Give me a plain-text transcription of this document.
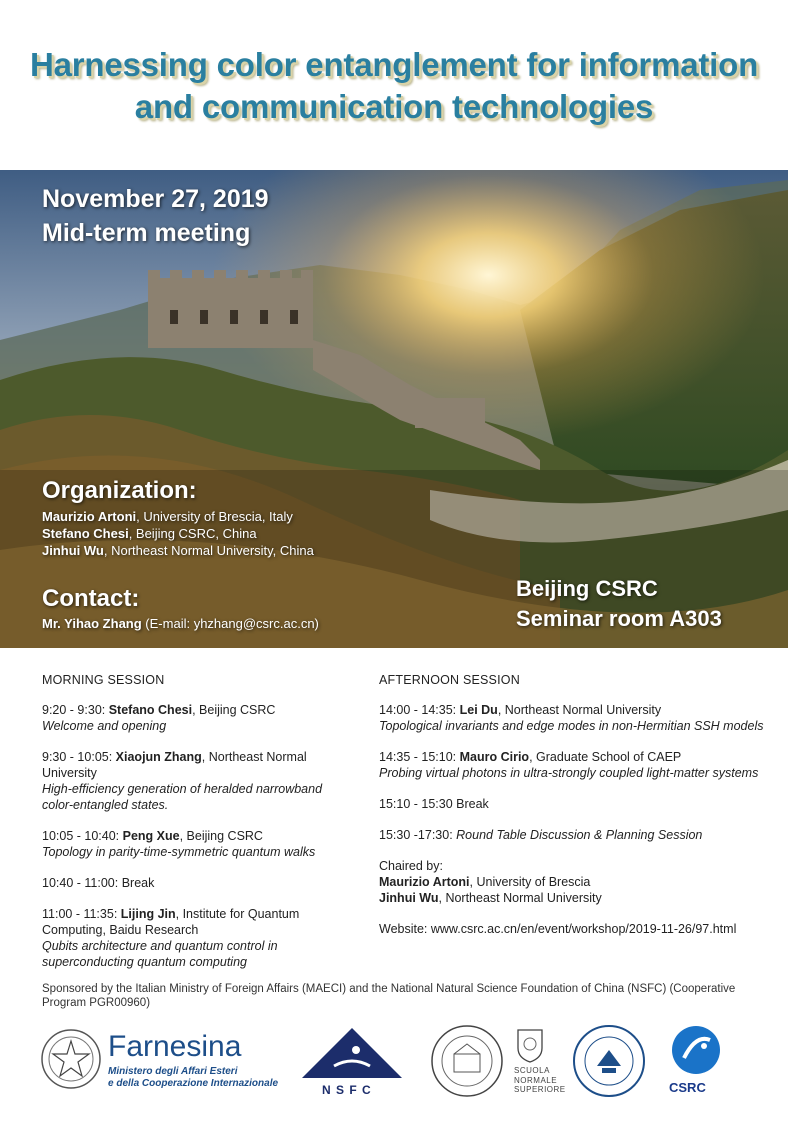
Harnessing color entanglement for information
and communication technologies
November 27, 2019
Mid-term meeting
Organization:
Maurizio Artoni, University of Brescia, Italy
Stefano Chesi, Beijing CSRC, China
Jinhui Wu, Northeast Normal University, China
Contact:
Mr. Yihao Zhang (E-mail: yhzhang@csrc.ac.cn)
Beijing CSRC
Seminar room A303
MORNING SESSION
9:20 - 9:30: Stefano Chesi, Beijing CSRC
Welcome and opening
9:30 - 10:05: Xiaojun Zhang, Northeast Normal University
High-efficiency generation of heralded narrowband color-entangled states.
10:05 - 10:40: Peng Xue, Beijing CSRC
Topology in parity-time-symmetric quantum walks
10:40 - 11:00: Break
11:00 - 11:35: Lijing Jin, Institute for Quantum Computing, Baidu Research
Qubits architecture and quantum control in superconducting quantum computing
AFTERNOON SESSION
14:00 - 14:35: Lei Du, Northeast Normal University
Topological invariants and edge modes in non-Hermitian SSH models
14:35 - 15:10: Mauro Cirio, Graduate School of CAEP
Probing virtual photons in ultra-strongly coupled light-matter systems
15:10 - 15:30 Break
15:30 -17:30: Round Table Discussion & Planning Session
Chaired by:
Maurizio Artoni, University of Brescia
Jinhui Wu, Northeast Normal University
Website: www.csrc.ac.cn/en/event/workshop/2019-11-26/97.html
Sponsored by the Italian Ministry of Foreign Affairs (MAECI) and the National Natural Science Foundation of China (NSFC) (Cooperative Program PGR00960)
Farnesina
Ministero degli Affari Esteri
e della Cooperazione Internazionale	N S F C
SCUOLA
NORMALE
SUPERIORE	CSRC
